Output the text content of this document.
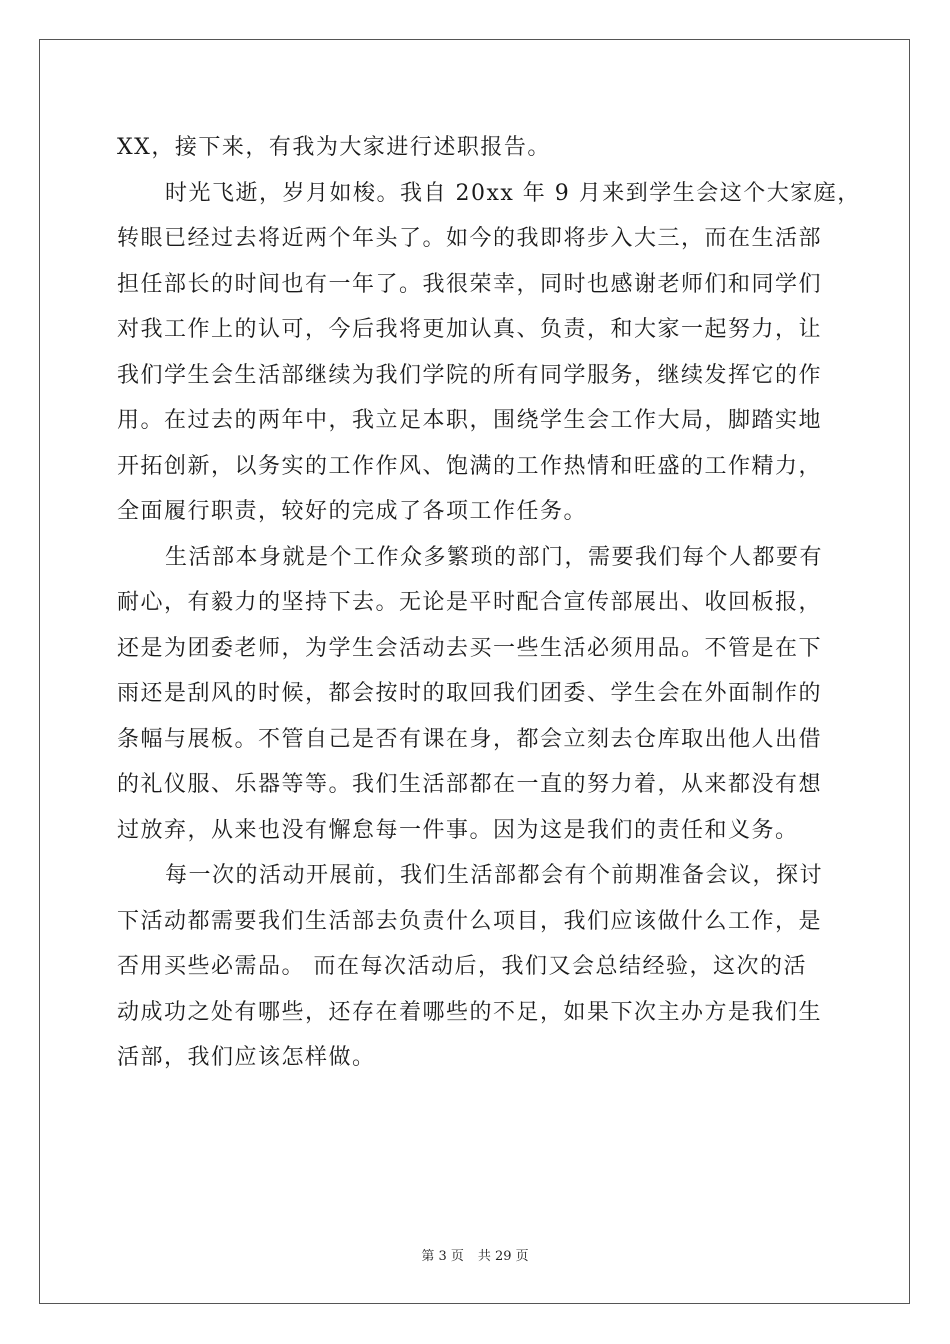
XX，接下来，有我为大家进行述职报告。
时光飞逝，岁月如梭。我自 20xx 年 9 月来到学生会这个大家庭，
转眼已经过去将近两个年头了。如今的我即将步入大三，而在生活部
担任部长的时间也有一年了。我很荣幸，同时也感谢老师们和同学们
对我工作上的认可，今后我将更加认真、负责，和大家一起努力，让
我们学生会生活部继续为我们学院的所有同学服务，继续发挥它的作
用。在过去的两年中，我立足本职，围绕学生会工作大局，脚踏实地
开拓创新，以务实的工作作风、饱满的工作热情和旺盛的工作精力，
全面履行职责，较好的完成了各项工作任务。
生活部本身就是个工作众多繁琐的部门，需要我们每个人都要有
耐心，有毅力的坚持下去。无论是平时配合宣传部展出、收回板报，
还是为团委老师，为学生会活动去买一些生活必须用品。不管是在下
雨还是刮风的时候，都会按时的取回我们团委、学生会在外面制作的
条幅与展板。不管自己是否有课在身，都会立刻去仓库取出他人出借
的礼仪服、乐器等等。我们生活部都在一直的努力着，从来都没有想
过放弃，从来也没有懈怠每一件事。因为这是我们的责任和义务。
每一次的活动开展前，我们生活部都会有个前期准备会议，探讨
下活动都需要我们生活部去负责什么项目，我们应该做什么工作，是
否用买些必需品。 而在每次活动后，我们又会总结经验，这次的活
动成功之处有哪些，还存在着哪些的不足，如果下次主办方是我们生
活部，我们应该怎样做。
第 3 页 共 29 页
